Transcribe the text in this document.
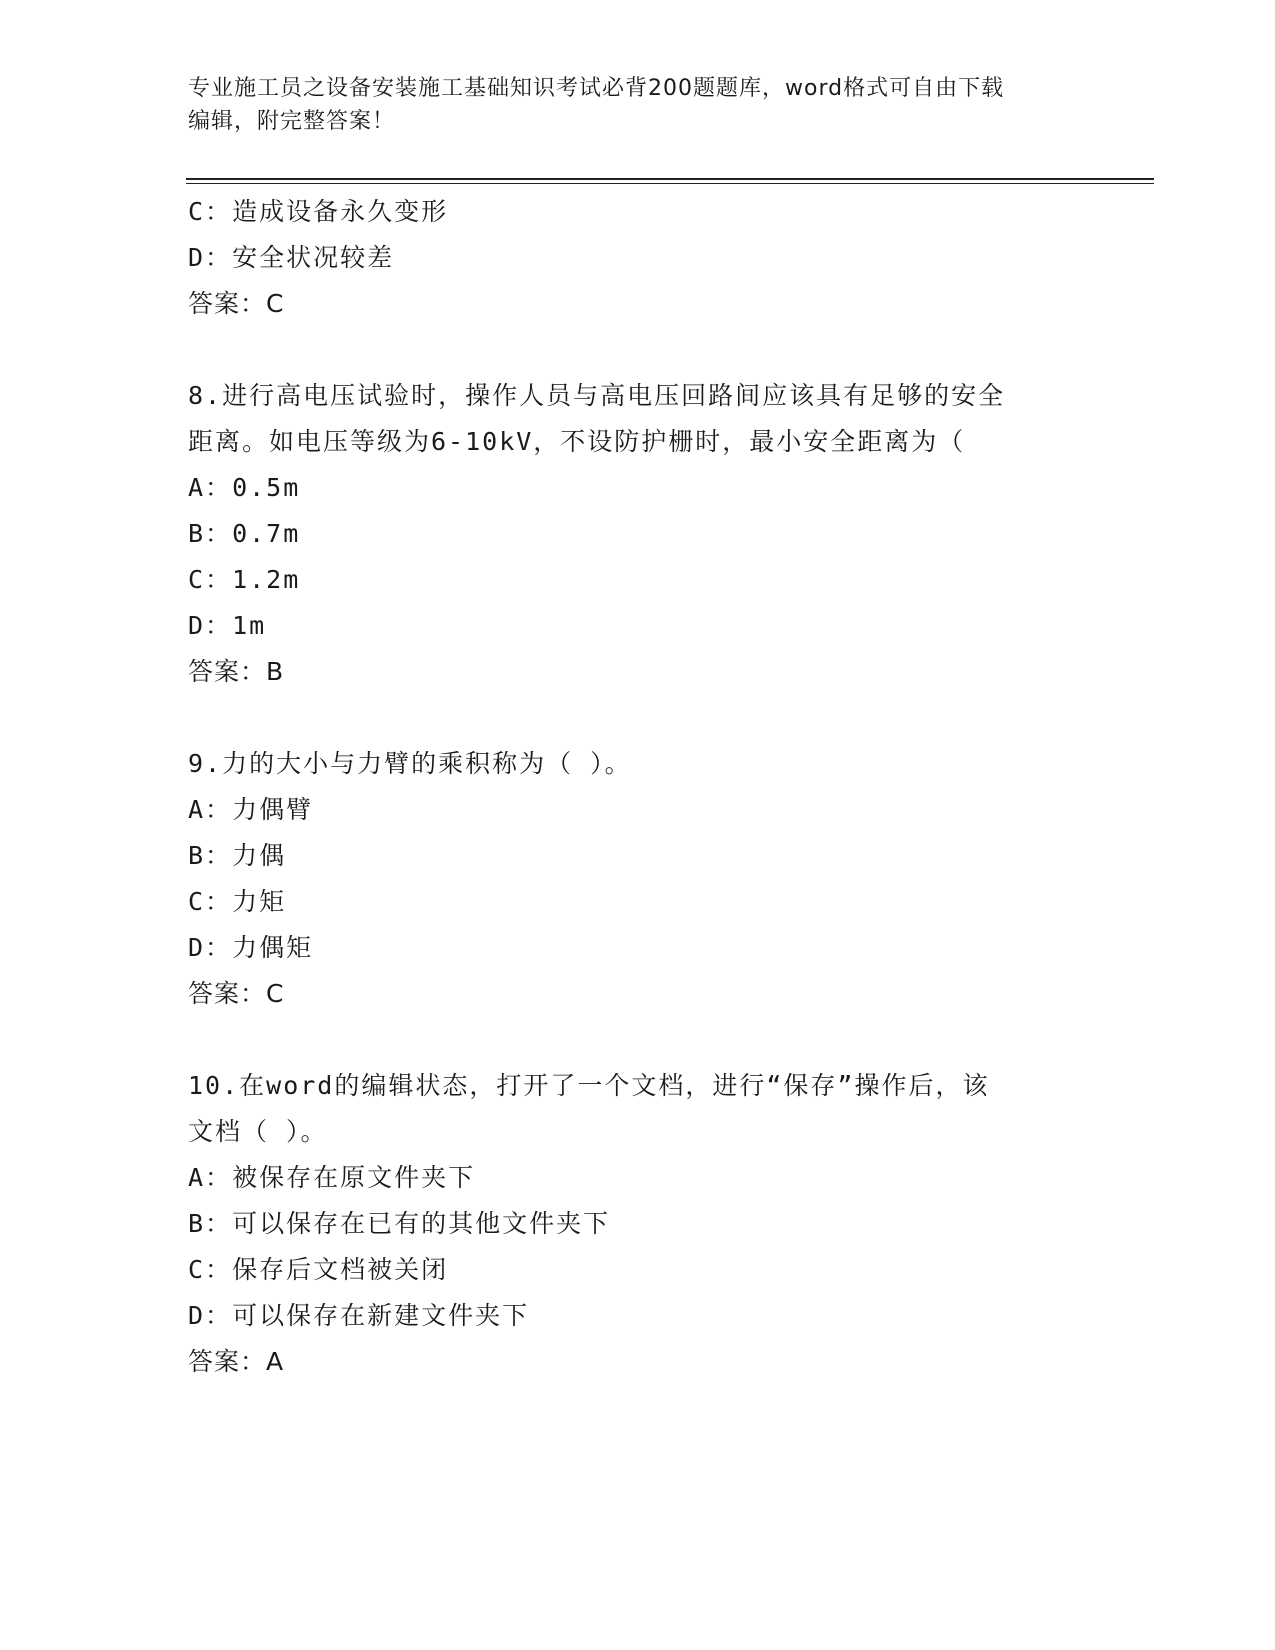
专业施工员之设备安装施工基础知识考试必背200题题库，word格式可自由下载
编辑，附完整答案！
C：造成设备永久变形
D：安全状况较差
答案：C
8.进行高电压试验时，操作人员与高电压回路间应该具有足够的安全
距离。如电压等级为6-10kV，不设防护栅时，最小安全距离为（
A：0.5m
B：0.7m
C：1.2m
D：1m
答案：B
9.力的大小与力臂的乘积称为（ ）。
A：力偶臂
B：力偶
C：力矩
D：力偶矩
答案：C
10.在word的编辑状态，打开了一个文档，进行“保存”操作后，该
文档（ ）。
A：被保存在原文件夹下
B：可以保存在已有的其他文件夹下
C：保存后文档被关闭
D：可以保存在新建文件夹下
答案：A
